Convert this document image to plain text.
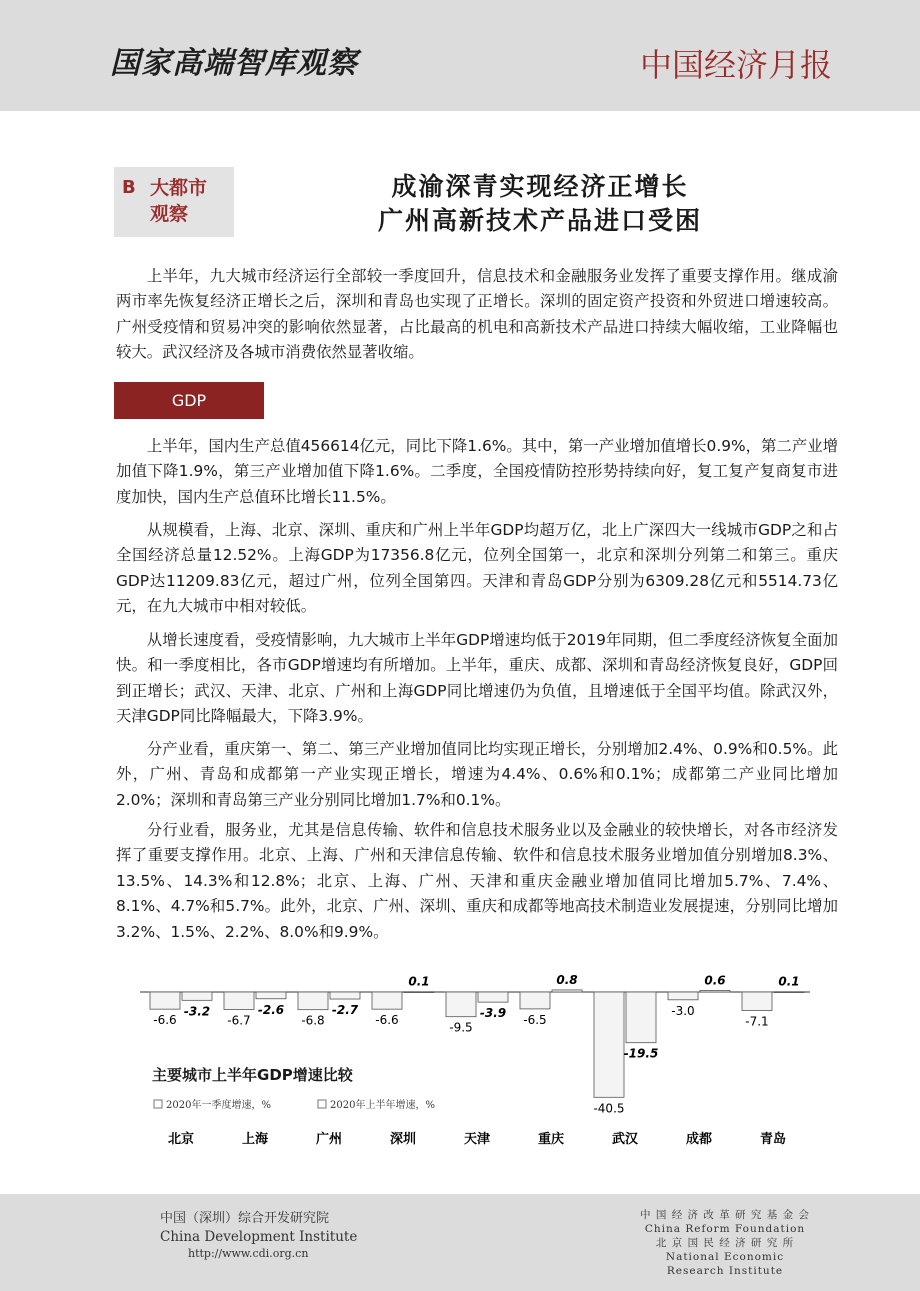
国家高端智库观察	中国经济月报
B 大都市
观察
成渝深青实现经济正增长
广州高新技术产品进口受困

上半年，九大城市经济运行全部较一季度回升，信息技术和金融服务业发挥了重要支撑作用。继成渝两市率先恢复经济正增长之后，深圳和青岛也实现了正增长。深圳的固定资产投资和外贸进口增速较高。广州受疫情和贸易冲突的影响依然显著，占比最高的机电和高新技术产品进口持续大幅收缩，工业降幅也较大。武汉经济及各城市消费依然显著收缩。

GDP

上半年，国内生产总值456614亿元，同比下降1.6%。其中，第一产业增加值增长0.9%，第二产业增加值下降1.9%，第三产业增加值下降1.6%。二季度，全国疫情防控形势持续向好，复工复产复商复市进度加快，国内生产总值环比增长11.5%。

从规模看，上海、北京、深圳、重庆和广州上半年GDP均超万亿，北上广深四大一线城市GDP之和占全国经济总量12.52%。上海GDP为17356.8亿元，位列全国第一，北京和深圳分列第二和第三。重庆GDP达11209.83亿元，超过广州，位列全国第四。天津和青岛GDP分别为6309.28亿元和5514.73亿元，在九大城市中相对较低。

从增长速度看，受疫情影响，九大城市上半年GDP增速均低于2019年同期，但二季度经济恢复全面加快。和一季度相比，各市GDP增速均有所增加。上半年，重庆、成都、深圳和青岛经济恢复良好，GDP回到正增长；武汉、天津、北京、广州和上海GDP同比增速仍为负值，且增速低于全国平均值。除武汉外，天津GDP同比降幅最大，下降3.9%。

分产业看，重庆第一、第二、第三产业增加值同比均实现正增长，分别增加2.4%、0.9%和0.5%。此外，广州、青岛和成都第一产业实现正增长，增速为4.4%、0.6%和0.1%；成都第二产业同比增加2.0%；深圳和青岛第三产业分别同比增加1.7%和0.1%。

分行业看，服务业，尤其是信息传输、软件和信息技术服务业以及金融业的较快增长，对各市经济发挥了重要支撑作用。北京、上海、广州和天津信息传输、软件和信息技术服务业增加值分别增加8.3%、13.5%、14.3%和12.8%；北京、上海、广州、天津和重庆金融业增加值同比增加5.7%、7.4%、8.1%、4.7%和5.7%。此外，北京、广州、深圳、重庆和成都等地高技术制造业发展提速，分别同比增加3.2%、1.5%、2.2%、8.0%和9.9%。

-6.6
-3.2
-6.7
-2.6
-6.8
-2.7
-6.6
0.1
-9.5
-3.9 -6.5
0.8
-40.5
-19.5
-3.0
0.6
-7.1
0.1
北京	上海	广州	深圳	天津	重庆	武汉	成都	青岛
主要城市上半年GDP增速比较
2020年一季度增速，%	2020年上半年增速，%
中国（深圳）综合开发研究院
China Development Institute
http://www.cdi.org.cn
中 国 经 济 改 革 研 究 基 金 会
China Reform Foundation
北 京 国 民 经 济 研 究 所
National Economic Research Institute
